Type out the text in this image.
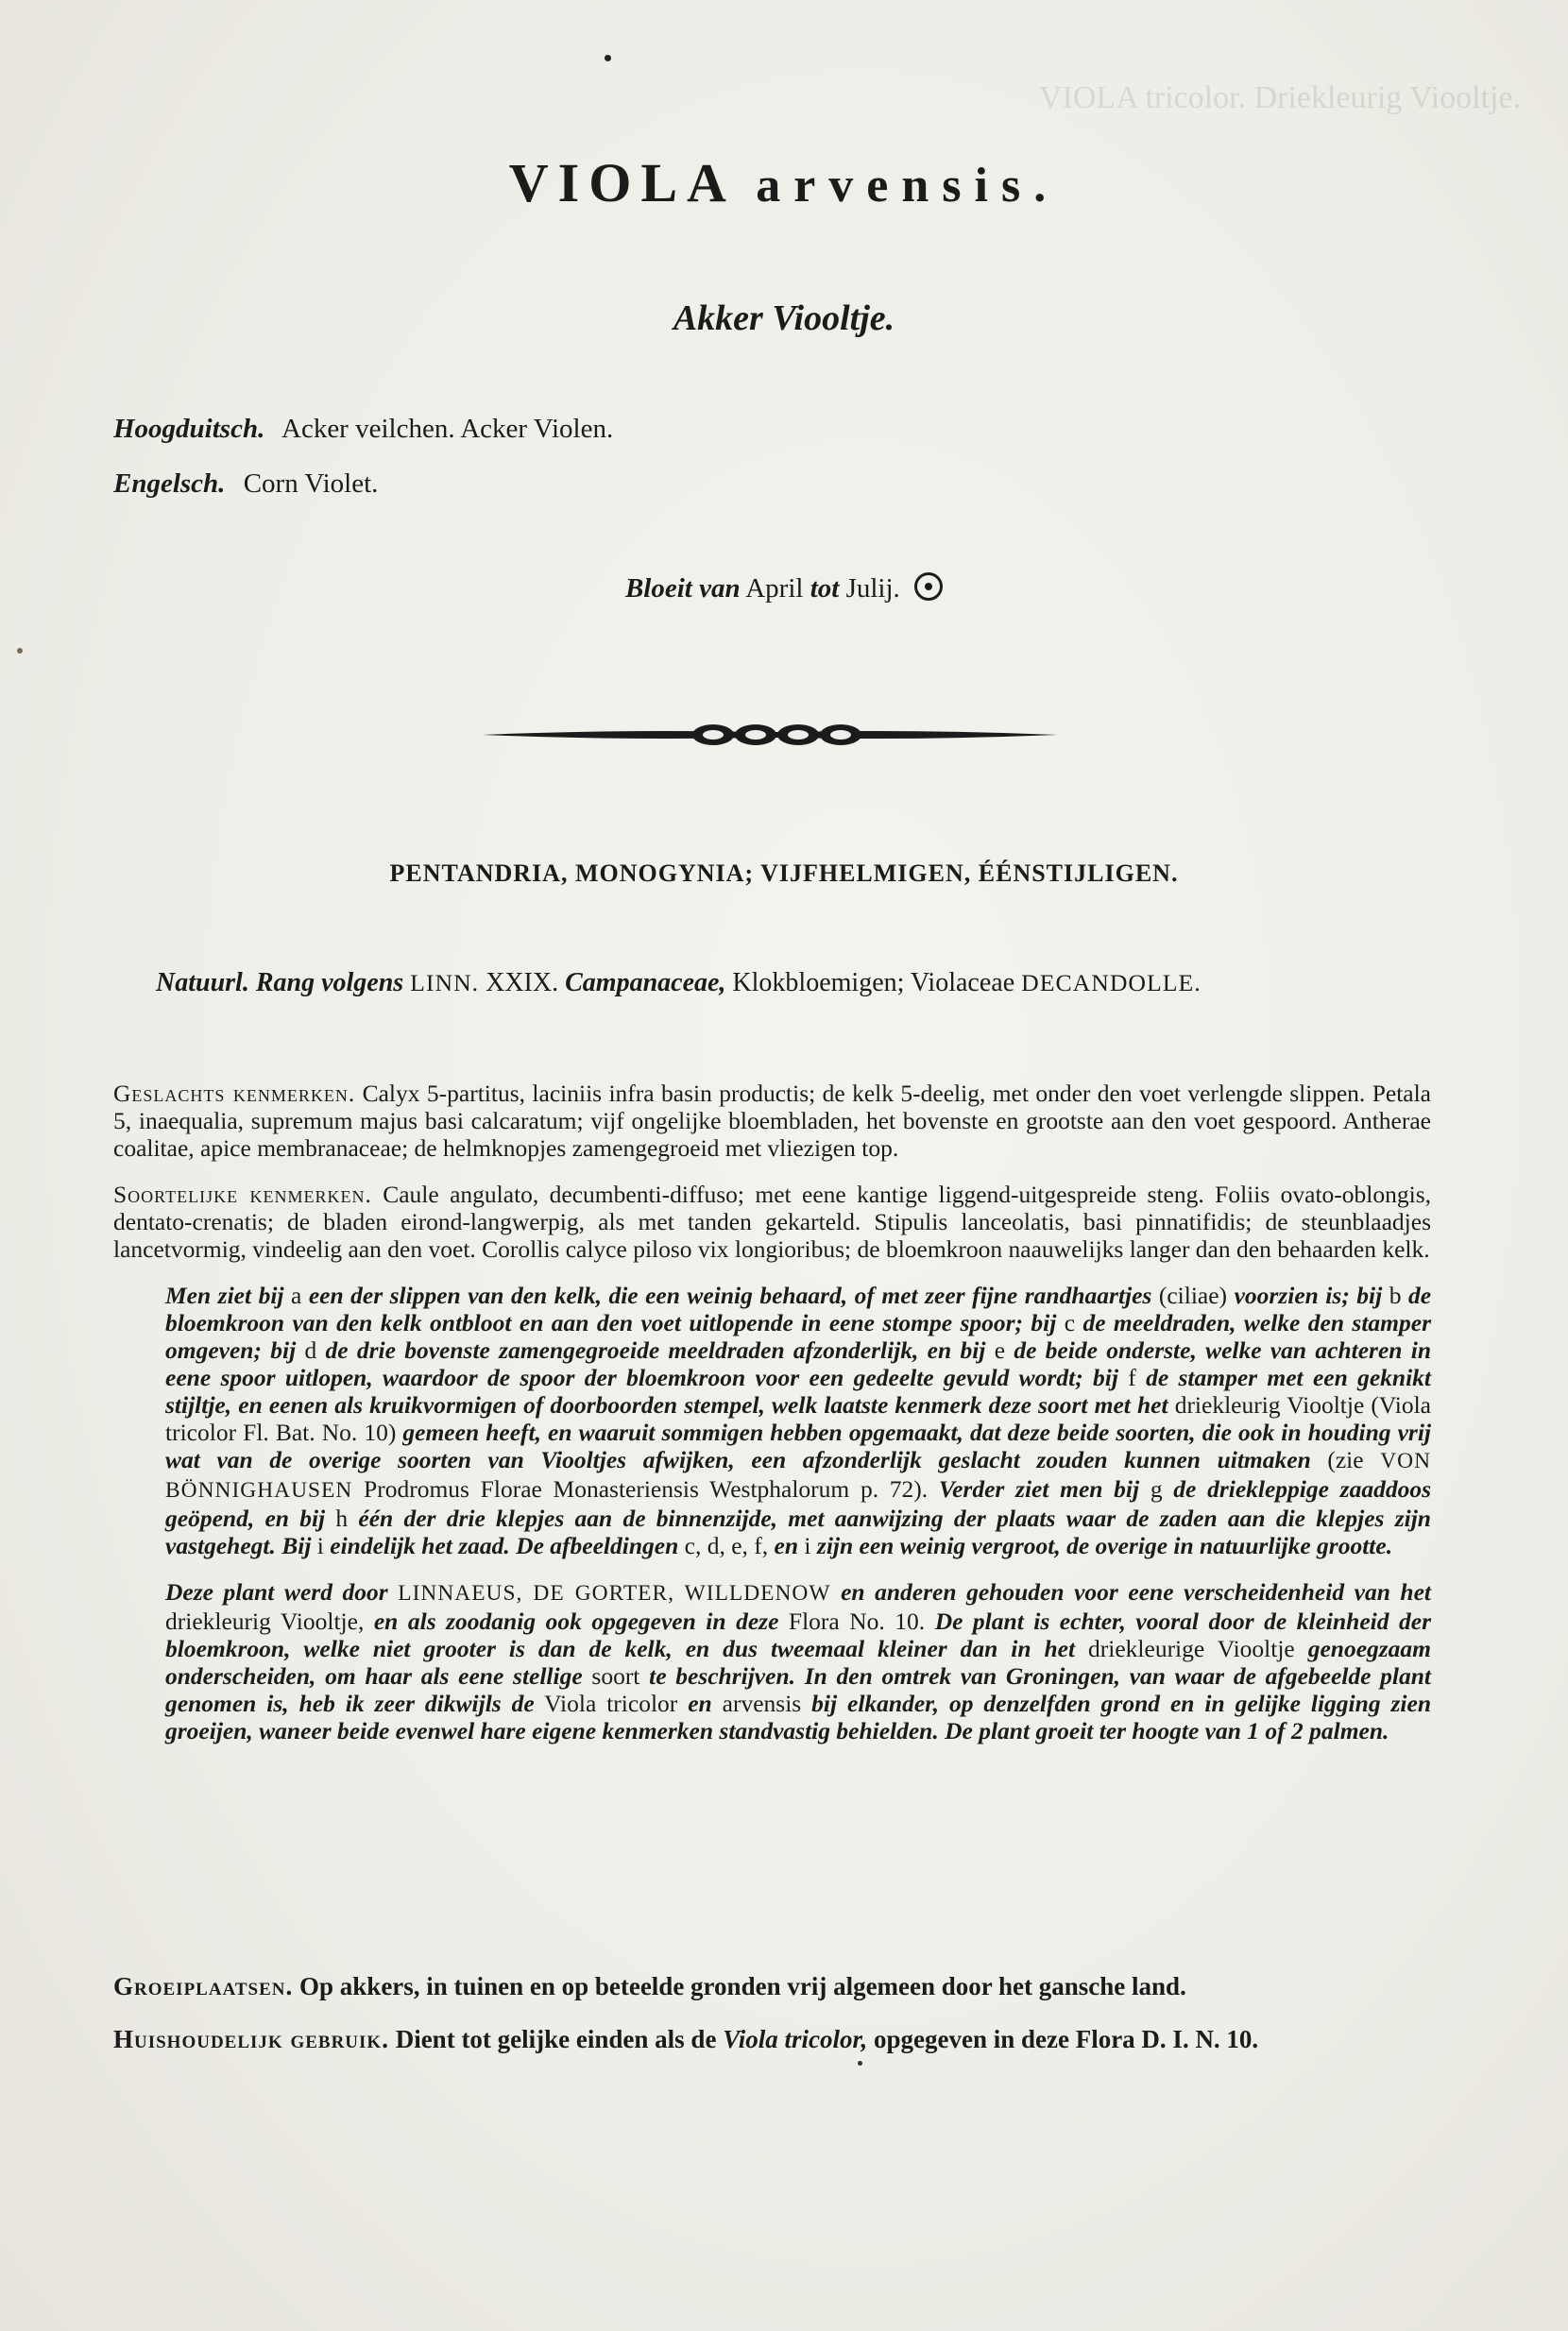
VIOLA tricolor. Driekleurig Viooltje.
VIOLA arvensis.
Akker Viooltje.
Hoogduitsch. Acker veilchen. Acker Violen.
Engelsch. Corn Violet.
Bloeit van April tot Julij.
PENTANDRIA, MONOGYNIA; VIJFHELMIGEN, ÉÉNSTIJLIGEN.
Natuurl. Rang volgens LINN. XXIX. Campanaceae, Klokbloemigen; Violaceae DECANDOLLE.

Geslachts kenmerken. Calyx 5-partitus, laciniis infra basin productis; de kelk 5-deelig, met onder den voet verlengde slippen. Petala 5, inaequalia, supremum majus basi calcaratum; vijf ongelijke bloembladen, het bovenste en grootste aan den voet gespoord. Antherae coalitae, apice membranaceae; de helmknopjes zamengegroeid met vliezigen top.

Soortelijke kenmerken. Caule angulato, decumbenti-diffuso; met eene kantige liggend-uitgespreide steng. Foliis ovato-oblongis, dentato-crenatis; de bladen eirond-langwerpig, als met tanden gekarteld. Stipulis lanceolatis, basi pinnatifidis; de steunblaadjes lancetvormig, vindeelig aan den voet. Corollis calyce piloso vix longioribus; de bloemkroon naauwelijks langer dan den behaarden kelk.

Men ziet bij a een der slippen van den kelk, die een weinig behaard, of met zeer fijne randhaartjes (ciliae) voorzien is; bij b de bloemkroon van den kelk ontbloot en aan den voet uitlopende in eene stompe spoor; bij c de meeldraden, welke den stamper omgeven; bij d de drie bovenste zamengegroeide meeldraden afzonderlijk, en bij e de beide onderste, welke van achteren in eene spoor uitlopen, waardoor de spoor der bloemkroon voor een gedeelte gevuld wordt; bij f de stamper met een geknikt stijltje, en eenen als kruikvormigen of doorboorden stempel, welk laatste kenmerk deze soort met het driekleurig Viooltje (Viola tricolor Fl. Bat. No. 10) gemeen heeft, en waaruit sommigen hebben opgemaakt, dat deze beide soorten, die ook in houding vrij wat van de overige soorten van Viooltjes afwijken, een afzonderlijk geslacht zouden kunnen uitmaken (zie VON BÖNNIGHAUSEN Prodromus Florae Monasteriensis Westphalorum p. 72). Verder ziet men bij g de driekleppige zaaddoos geöpend, en bij h één der drie klepjes aan de binnenzijde, met aanwijzing der plaats waar de zaden aan die klepjes zijn vastgehegt. Bij i eindelijk het zaad. De afbeeldingen c, d, e, f, en i zijn een weinig vergroot, de overige in natuurlijke grootte.

Deze plant werd door LINNAEUS, DE GORTER, WILLDENOW en anderen gehouden voor eene verscheidenheid van het driekleurig Viooltje, en als zoodanig ook opgegeven in deze Flora No. 10. De plant is echter, vooral door de kleinheid der bloemkroon, welke niet grooter is dan de kelk, en dus tweemaal kleiner dan in het driekleurige Viooltje genoegzaam onderscheiden, om haar als eene stellige soort te beschrijven. In den omtrek van Groningen, van waar de afgebeelde plant genomen is, heb ik zeer dikwijls de Viola tricolor en arvensis bij elkander, op denzelfden grond en in gelijke ligging zien groeijen, waneer beide evenwel hare eigene kenmerken standvastig behielden. De plant groeit ter hoogte van 1 of 2 palmen.

Groeiplaatsen. Op akkers, in tuinen en op beteelde gronden vrij algemeen door het gansche land.
Huishoudelijk gebruik. Dient tot gelijke einden als de Viola tricolor, opgegeven in deze Flora D. I. N. 10.
